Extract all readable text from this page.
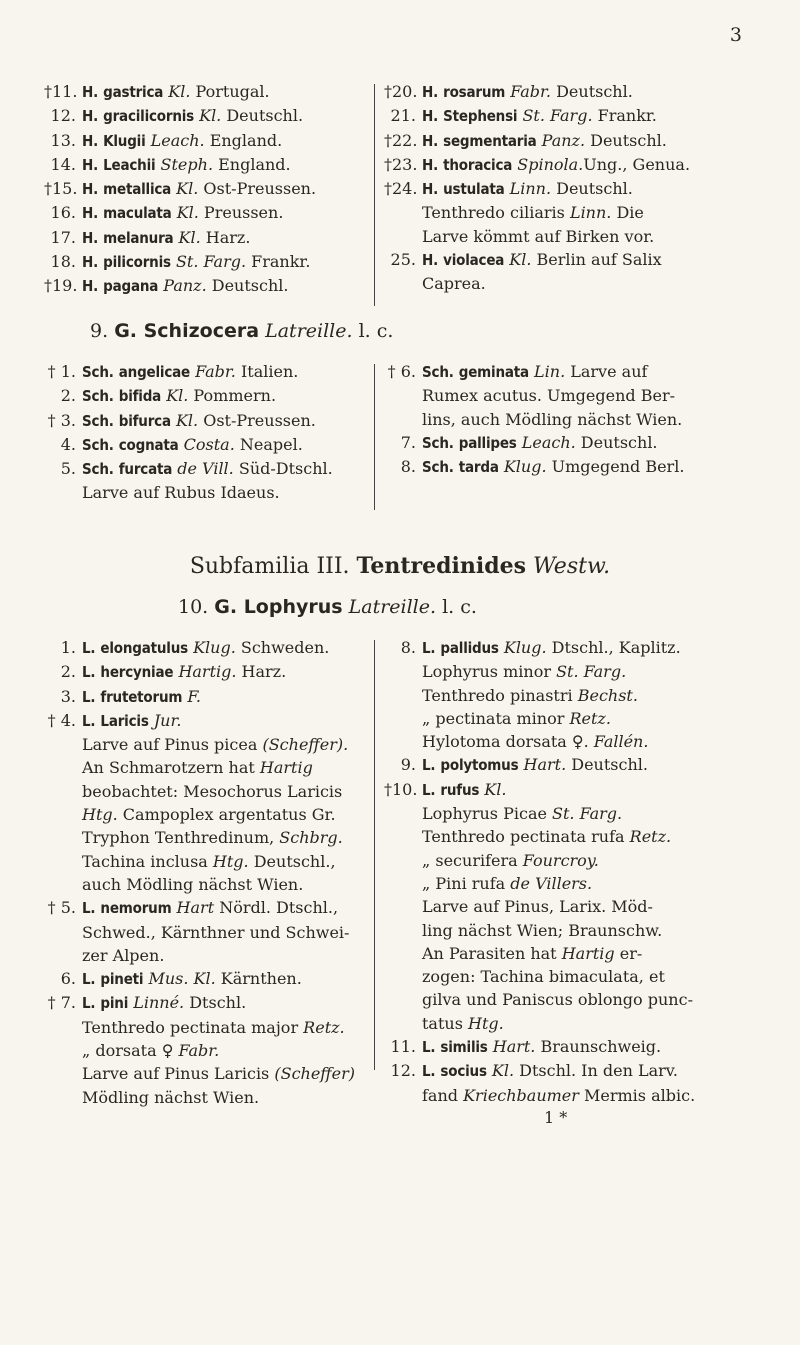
3
†11. H. gastrica Kl. Portugal.
12. H. gracilicornis Kl. Deutschl.
13. H. Klugii Leach. England.
14. H. Leachii Steph. England.
†15. H. metallica Kl. Ost-Preussen.
16. H. maculata Kl. Preussen.
17. H. melanura Kl. Harz.
18. H. pilicornis St. Farg. Frankr.
†19. H. pagana Panz. Deutschl.
†20. H. rosarum Fabr. Deutschl.
21. H. Stephensi St. Farg. Frankr.
†22. H. segmentaria Panz. Deutschl.
†23. H. thoracica Spinola.Ung., Genua.
†24. H. ustulata Linn. Deutschl.
Tenthredo ciliaris Linn. Die
Larve kömmt auf Birken vor.
25. H. violacea Kl. Berlin auf Salix
Caprea.
9. G. Schizocera Latreille. l. c.
† 1. Sch. angelicae Fabr. Italien.
2. Sch. bifida Kl. Pommern.
† 3. Sch. bifurca Kl. Ost-Preussen.
4. Sch. cognata Costa. Neapel.
5. Sch. furcata de Vill. Süd-Dtschl.
Larve auf Rubus Idaeus.
† 6. Sch. geminata Lin. Larve auf
Rumex acutus. Umgegend Ber-
lins, auch Mödling nächst Wien.
7. Sch. pallipes Leach. Deutschl.
8. Sch. tarda Klug. Umgegend Berl.
Subfamilia III. Tentredinides Westw.
10. G. Lophyrus Latreille. l. c.
1. L. elongatulus Klug. Schweden.
2. L. hercyniae Hartig. Harz.
3. L. frutetorum F.
† 4. L. Laricis Jur.
Larve auf Pinus picea (Scheffer).
An Schmarotzern hat Hartig
beobachtet: Mesochorus Laricis
Htg. Campoplex argentatus Gr.
Tryphon Tenthredinum, Schbrg.
Tachina inclusa Htg. Deutschl.,
auch Mödling nächst Wien.
† 5. L. nemorum Hart Nördl. Dtschl.,
Schwed., Kärnthner und Schwei-
zer Alpen.
6. L. pineti Mus. Kl. Kärnthen.
† 7. L. pini Linné. Dtschl.
Tenthredo pectinata major Retz.
„ dorsata ♀ Fabr.
Larve auf Pinus Laricis (Scheffer)
Mödling nächst Wien.
8. L. pallidus Klug. Dtschl., Kaplitz.
Lophyrus minor St. Farg.
Tenthredo pinastri Bechst.
„ pectinata minor Retz.
Hylotoma dorsata ♀. Fallén.
9. L. polytomus Hart. Deutschl.
†10. L. rufus Kl.
Lophyrus Picae St. Farg.
Tenthredo pectinata rufa Retz.
„ securifera Fourcroy.
„ Pini rufa de Villers.
Larve auf Pinus, Larix. Möd-
ling nächst Wien; Braunschw.
An Parasiten hat Hartig er-
zogen: Tachina bimaculata, et
gilva und Paniscus oblongo punc-
tatus Htg.
11. L. similis Hart. Braunschweig.
12. L. socius Kl. Dtschl. In den Larv.
fand Kriechbaumer Mermis albic.
1 *
